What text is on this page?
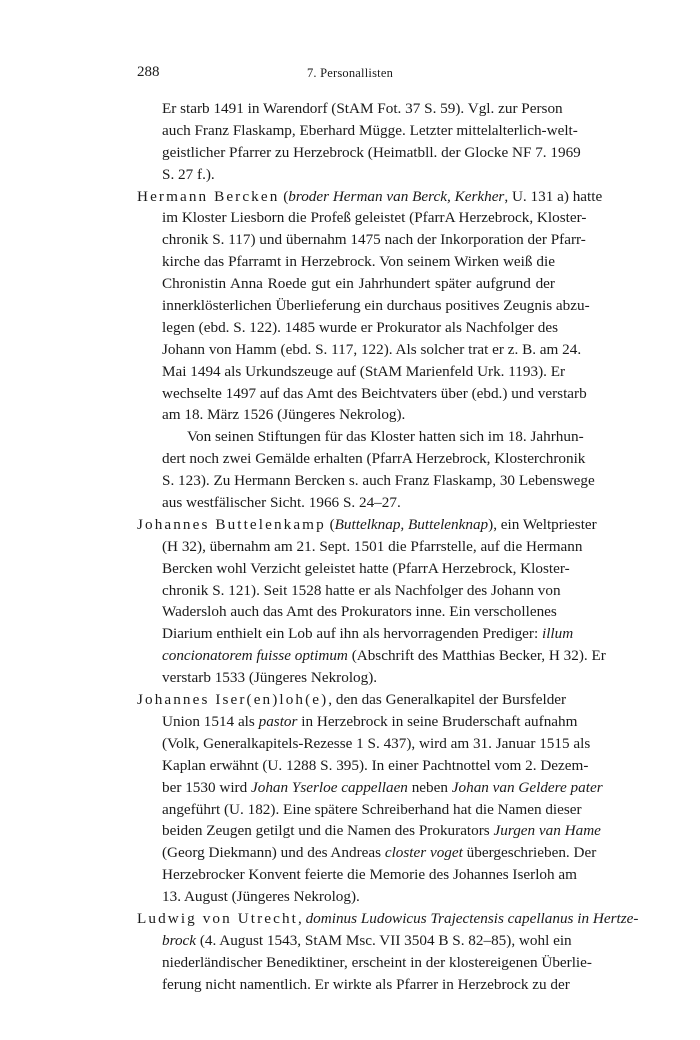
288	7. Personallisten
Er starb 1491 in Warendorf (StAM Fot. 37 S. 59). Vgl. zur Person
auch Franz Flaskamp, Eberhard Mügge. Letzter mittelalterlich-welt-
geistlicher Pfarrer zu Herzebrock (Heimatbll. der Glocke NF 7. 1969
S. 27 f.).
Hermann Bercken (broder Herman van Berck, Kerkher, U. 131 a) hatte
im Kloster Liesborn die Profeß geleistet (PfarrA Herzebrock, Kloster-
chronik S. 117) und übernahm 1475 nach der Inkorporation der Pfarr-
kirche das Pfarramt in Herzebrock. Von seinem Wirken weiß die
Chronistin Anna Roede gut ein Jahrhundert später aufgrund der
innerklösterlichen Überlieferung ein durchaus positives Zeugnis abzu-
legen (ebd. S. 122). 1485 wurde er Prokurator als Nachfolger des
Johann von Hamm (ebd. S. 117, 122). Als solcher trat er z. B. am 24.
Mai 1494 als Urkundszeuge auf (StAM Marienfeld Urk. 1193). Er
wechselte 1497 auf das Amt des Beichtvaters über (ebd.) und verstarb
am 18. März 1526 (Jüngeres Nekrolog).
Von seinen Stiftungen für das Kloster hatten sich im 18. Jahrhun-
dert noch zwei Gemälde erhalten (PfarrA Herzebrock, Klosterchronik
S. 123). Zu Hermann Bercken s. auch Franz Flaskamp, 30 Lebenswege
aus westfälischer Sicht. 1966 S. 24–27.
Johannes Buttelenkamp (Buttelknap, Buttelenknap), ein Weltpriester
(H 32), übernahm am 21. Sept. 1501 die Pfarrstelle, auf die Hermann
Bercken wohl Verzicht geleistet hatte (PfarrA Herzebrock, Kloster-
chronik S. 121). Seit 1528 hatte er als Nachfolger des Johann von
Wadersloh auch das Amt des Prokurators inne. Ein verschollenes
Diarium enthielt ein Lob auf ihn als hervorragenden Prediger: illum
concionatorem fuisse optimum (Abschrift des Matthias Becker, H 32). Er
verstarb 1533 (Jüngeres Nekrolog).
Johannes Iser(en)loh(e), den das Generalkapitel der Bursfelder
Union 1514 als pastor in Herzebrock in seine Bruderschaft aufnahm
(Volk, Generalkapitels-Rezesse 1 S. 437), wird am 31. Januar 1515 als
Kaplan erwähnt (U. 1288 S. 395). In einer Pachtnottel vom 2. Dezem-
ber 1530 wird Johan Yserloe cappellaen neben Johan van Geldere pater
angeführt (U. 182). Eine spätere Schreiberhand hat die Namen dieser
beiden Zeugen getilgt und die Namen des Prokurators Jurgen van Hame
(Georg Diekmann) und des Andreas closter voget übergeschrieben. Der
Herzebrocker Konvent feierte die Memorie des Johannes Iserloh am
13. August (Jüngeres Nekrolog).
Ludwig von Utrecht, dominus Ludowicus Trajectensis capellanus in Hertze-
brock (4. August 1543, StAM Msc. VII 3504 B S. 82–85), wohl ein
niederländischer Benediktiner, erscheint in der klostereigenen Überlie-
ferung nicht namentlich. Er wirkte als Pfarrer in Herzebrock zu der
